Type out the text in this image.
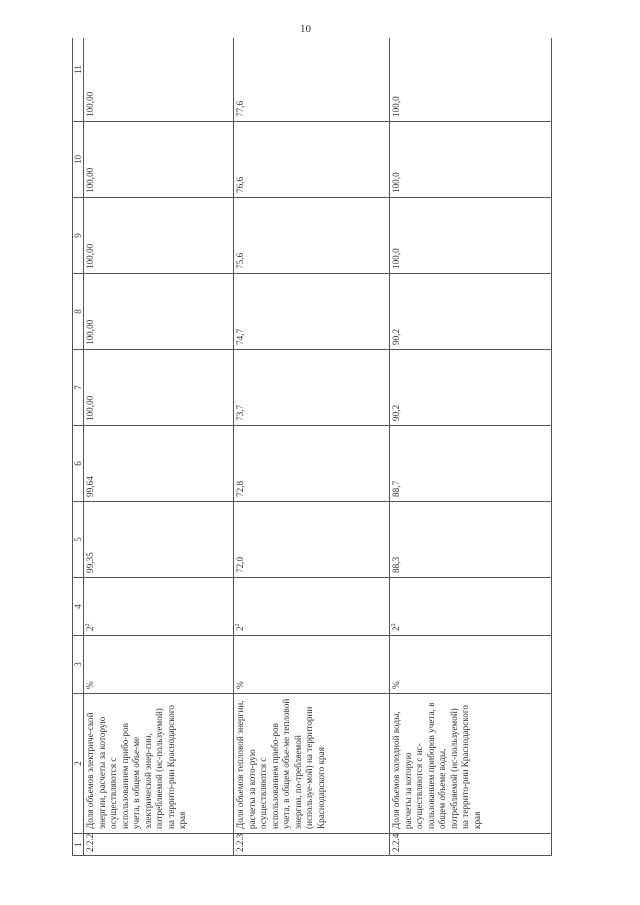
10
1	2	3	4	5	6	7	8	9	10	11
2.2.2	Доля объемов электриче-ской энергии, расчеты за которую осуществляются с использованием прибо-ров учета, в общем объе-ме электрической энер-гии, потребляемой (ис-пользуемой) на террито-рии Краснодарского края	%	$2^2$	99,35	99,64	100,00	100,00	100,00	100,00	100,00
2.2.3	Доля объемов тепловой энергии, расчеты за кото-рую осуществляются с использованием прибо-ров учета, в общем объе-ме тепловой энергии, по-требляемой (используе-мой) на территории Краснодарского края	%	$2^2$	72,0	72,8	73,7	74,7	75,6	76,6	77,6
2.2.4	Доля объемов холодной воды, расчеты за которую осуществляются с ис-пользованием приборов учета, в общем объеме воды, потребляемой (ис-пользуемой) на террито-рии Краснодарского края	%	$2^2$	88,3	88,7	90,2	90,2	100,0	100,0	100,0
